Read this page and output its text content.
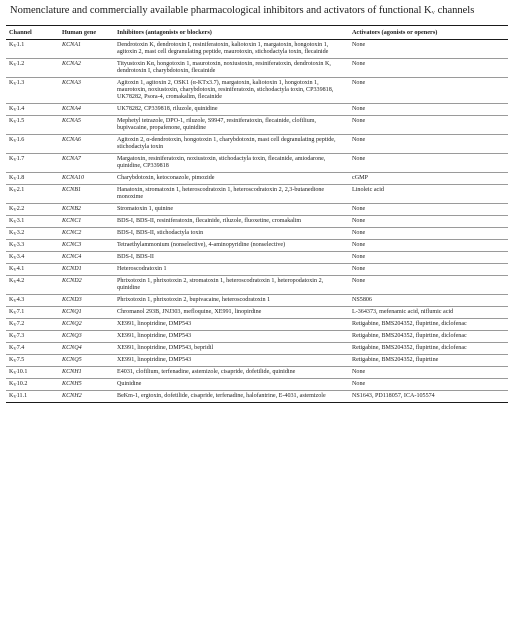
Nomenclature and commercially available pharmacological inhibitors and activators of functional $K_V$ channels
Channel	Human gene	Inhibitors (antagonists or blockers)	Activators (agonists or openers)
$K_V1.1$	KCNA1	Dendrotoxin K, dendrotoxin I, resiniferatoxin, kaliotoxin 1, margatoxin, hongotoxin 1, agitoxin 2, mast cell degranulating peptide, maurotoxin, stichodactyla toxin, flecainide	None
$K_V1.2$	KCNA2	Tityustoxin Kα, hongotoxin 1, maurotoxin, noxiustoxin, resiniferatoxin, dendrotoxin K, dendrotoxin I, charybdotoxin, flecainide	None
$K_V1.3$	KCNA3	Agitoxin 1, agitoxin 2, OSK1 (α-KTx3.7), margatoxin, kaliotoxin 1, hongotoxin 1, maurotoxin, noxiustoxin, charybdotoxin, resiniferatoxin, stichodactyla toxin, CP339818, UK78282, Psora-4, cromakalim, flecainide	None
$K_V1.4$	KCNA4	UK78282, CP339818, riluzole, quinidine	None
$K_V1.5$	KCNA5	Mephetyl tetrazole, DPO-1, riluzole, S9947, resiniferatoxin, flecainide, clofilium, bupivacaine, propafenone, quinidine	None
$K_V1.6$	KCNA6	Agitoxin 2, α-dendrotoxin, hongotoxin 1, charybdotoxin, mast cell degranulating peptide, stichodactyla toxin	None
$K_V1.7$	KCNA7	Margatoxin, resiniferatoxin, noxiustoxin, stichodactyla toxin, flecainide, amiodarone, quinidine, CP339818	None
$K_V1.8$	KCNA10	Charybdotoxin, ketoconazole, pimozide	cGMP
$K_V2.1$	KCNB1	Hanatoxin, stromatoxin 1, heteroscodratoxin 1, heteroscodratoxin 2, 2,3-butanedione monoxime	Linoleic acid
$K_V2.2$	KCNB2	Stromatoxin 1, quinine	None
$K_V3.1$	KCNC1	BDS-I, BDS-II, resiniferatoxin, flecainide, riluzole, fluoxetine, cromakalim	None
$K_V3.2$	KCNC2	BDS-I, BDS-II, stichodactyla toxin	None
$K_V3.3$	KCNC3	Tetraethylammonium (nonselective), 4-aminopyridine (nonselective)	None
$K_V3.4$	KCNC4	BDS-I, BDS-II	None
$K_V4.1$	KCND1	Heteroscodratoxin 1	None
$K_V4.2$	KCND2	Phrixotoxin 1, phrixotoxin 2, stromatoxin 1, heteroscodratoxin 1, heteropodatoxin 2, quinidine	None
$K_V4.3$	KCND3	Phrixotoxin 1, phrixotoxin 2, bupivacaine, heteroscodratoxin 1	NS5806
$K_V7.1$	KCNQ1	Chromanol 293B, JNJ303, mefloquine, XE991, linopirdine	L-364373, mefenamic acid, niflumic acid
$K_V7.2$	KCNQ2	XE991, linopiridine, DMP543	Retigabine, BMS204352, flupirtine, diclofenac
$K_V7.3$	KCNQ3	XE991, linopiridine, DMP543	Retigabine, BMS204352, flupirtine, diclofenac
$K_V7.4$	KCNQ4	XE991, linopiridine, DMP543, bepridil	Retigabine, BMS204352, flupirtine, diclofenac
$K_V7.5$	KCNQ5	XE991, linopiridine, DMP543	Retigabine, BMS204352, flupirtine
$K_V10.1$	KCNH1	E4031, clofilium, terfenadine, astemizole, cisapride, dofetilide, quinidine	None
$K_V10.2$	KCNH5	Quinidine	None
$K_V11.1$	KCNH2	BeKm-1, ergtoxin, dofetilide, cisapride, terfenadine, halofantrine, E-4031, astemizole	NS1643, PD118057, ICA-105574
